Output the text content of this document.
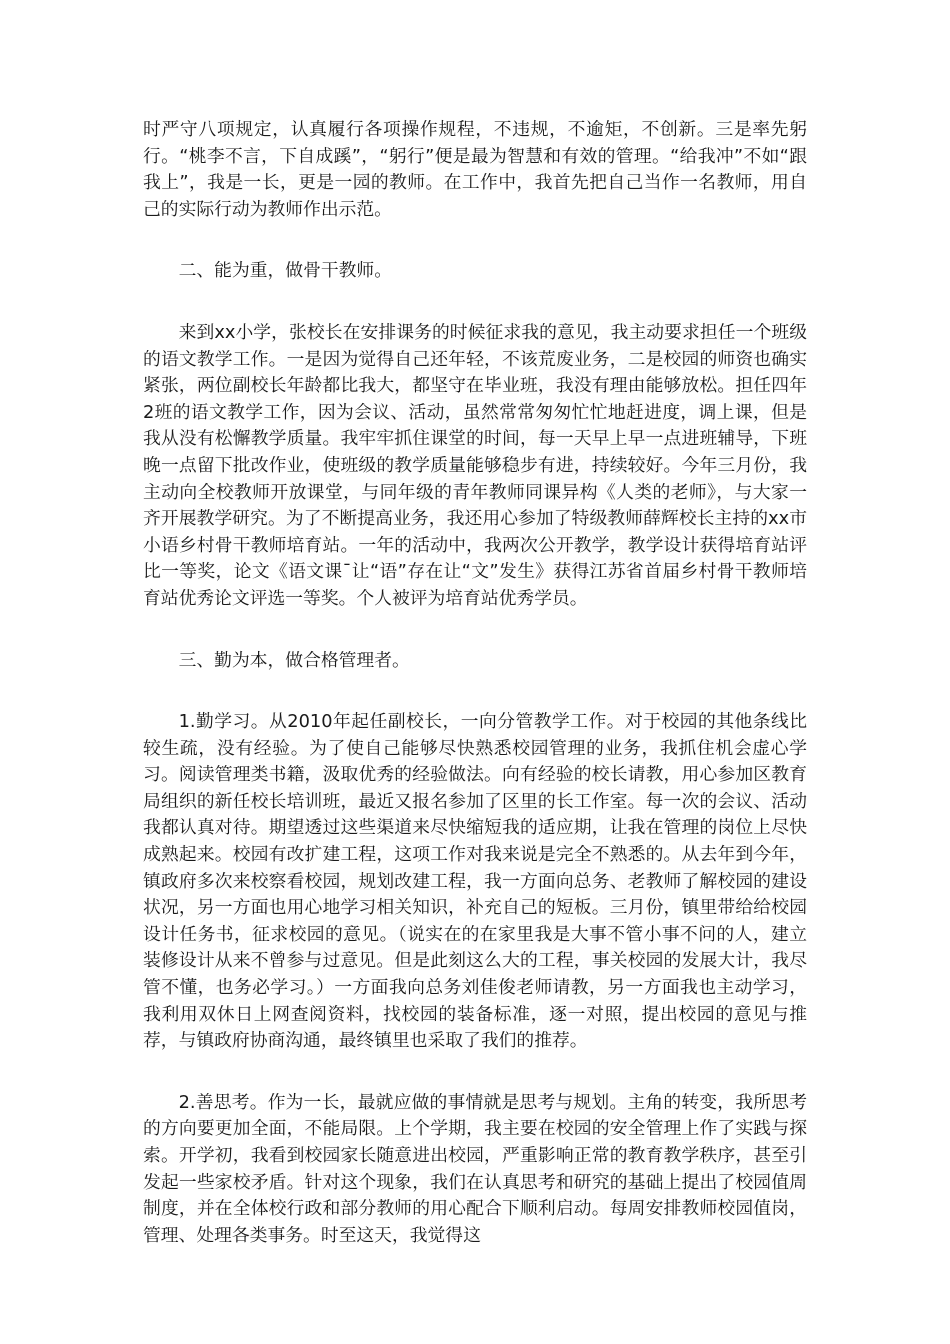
时严守八项规定，认真履行各项操作规程，不违规，不逾矩，不创新。三是率先躬行。“桃李不言，下自成蹊”，“躬行”便是最为智慧和有效的管理。“给我冲”不如“跟我上”，我是一长，更是一园的教师。在工作中，我首先把自己当作一名教师，用自己的实际行动为教师作出示范。

二、能为重，做骨干教师。

来到xx小学，张校长在安排课务的时候征求我的意见，我主动要求担任一个班级的语文教学工作。一是因为觉得自己还年轻，不该荒废业务，二是校园的师资也确实紧张，两位副校长年龄都比我大，都坚守在毕业班，我没有理由能够放松。担任四年2班的语文教学工作，因为会议、活动，虽然常常匆匆忙忙地赶进度，调上课，但是我从没有松懈教学质量。我牢牢抓住课堂的时间，每一天早上早一点进班辅导，下班晚一点留下批改作业，使班级的教学质量能够稳步有进，持续较好。今年三月份，我主动向全校教师开放课堂，与同年级的青年教师同课异构《人类的老师》，与大家一齐开展教学研究。为了不断提高业务，我还用心参加了特级教师薛辉校长主持的xx市小语乡村骨干教师培育站。一年的活动中，我两次公开教学，教学设计获得培育站评比一等奖，论文《语文课¯让“语”存在让“文”发生》获得江苏省首届乡村骨干教师培育站优秀论文评选一等奖。个人被评为培育站优秀学员。

三、勤为本，做合格管理者。

1.勤学习。从2010年起任副校长，一向分管教学工作。对于校园的其他条线比较生疏，没有经验。为了使自己能够尽快熟悉校园管理的业务，我抓住机会虚心学习。阅读管理类书籍，汲取优秀的经验做法。向有经验的校长请教，用心参加区教育局组织的新任校长培训班，最近又报名参加了区里的长工作室。每一次的会议、活动我都认真对待。期望透过这些渠道来尽快缩短我的适应期，让我在管理的岗位上尽快成熟起来。校园有改扩建工程，这项工作对我来说是完全不熟悉的。从去年到今年，镇政府多次来校察看校园，规划改建工程，我一方面向总务、老教师了解校园的建设状况，另一方面也用心地学习相关知识，补充自己的短板。三月份，镇里带给给校园设计任务书，征求校园的意见。（说实在的在家里我是大事不管小事不问的人，建立装修设计从来不曾参与过意见。但是此刻这么大的工程，事关校园的发展大计，我尽管不懂，也务必学习。）一方面我向总务刘佳俊老师请教，另一方面我也主动学习，我利用双休日上网查阅资料，找校园的装备标准，逐一对照，提出校园的意见与推荐，与镇政府协商沟通，最终镇里也采取了我们的推荐。

2.善思考。作为一长，最就应做的事情就是思考与规划。主角的转变，我所思考的方向要更加全面，不能局限。上个学期，我主要在校园的安全管理上作了实践与探索。开学初，我看到校园家长随意进出校园，严重影响正常的教育教学秩序，甚至引发起一些家校矛盾。针对这个现象，我们在认真思考和研究的基础上提出了校园值周制度，并在全体校行政和部分教师的用心配合下顺利启动。每周安排教师校园值岗，管理、处理各类事务。时至这天，我觉得这
